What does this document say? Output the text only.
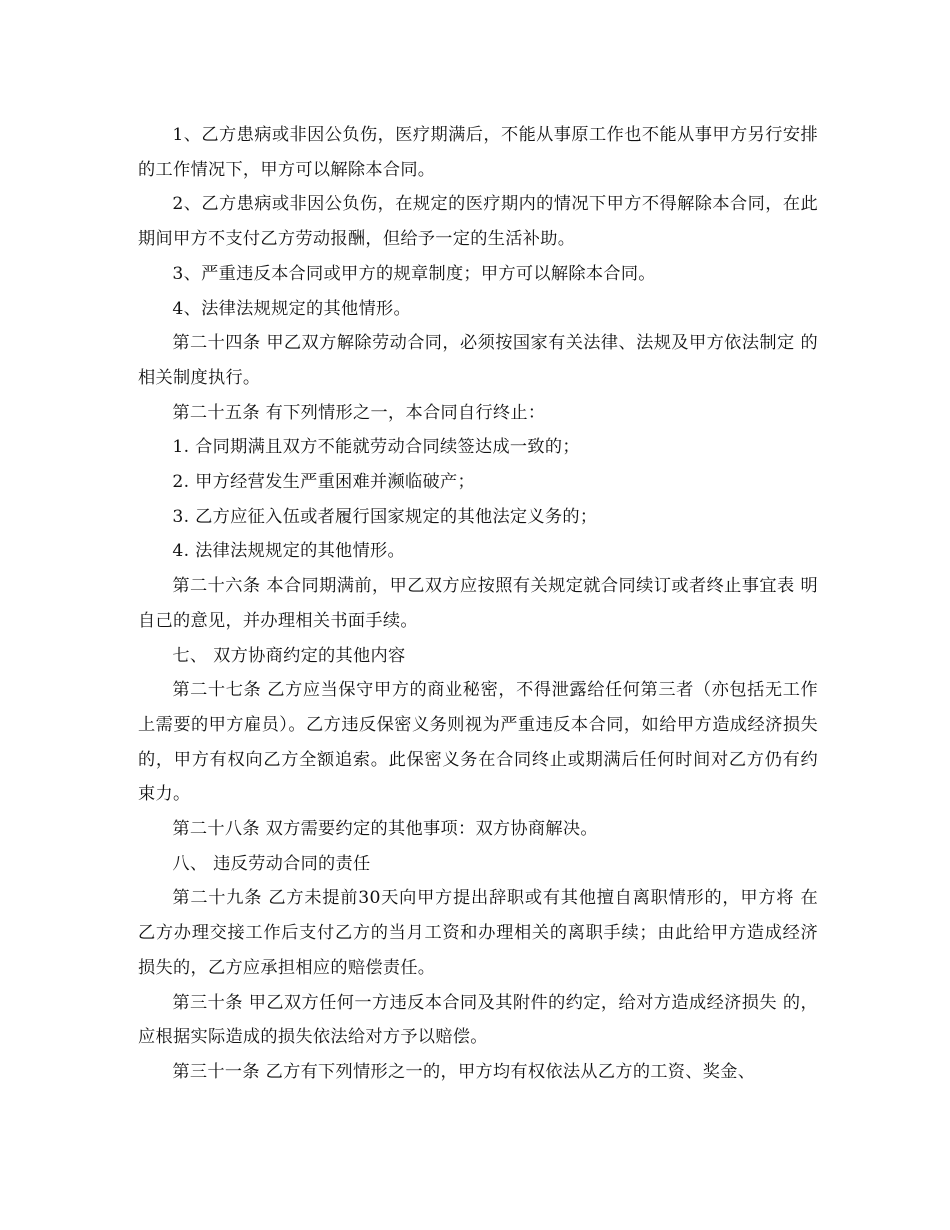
1、乙方患病或非因公负伤，医疗期满后，不能从事原工作也不能从事甲方另行安排的工作情况下，甲方可以解除本合同。

2、乙方患病或非因公负伤，在规定的医疗期内的情况下甲方不得解除本合同，在此期间甲方不支付乙方劳动报酬，但给予一定的生活补助。

3、严重违反本合同或甲方的规章制度；甲方可以解除本合同。

4、法律法规规定的其他情形。

第二十四条 甲乙双方解除劳动合同，必须按国家有关法律、法规及甲方依法制定 的相关制度执行。

第二十五条 有下列情形之一，本合同自行终止：

1. 合同期满且双方不能就劳动合同续签达成一致的；

2. 甲方经营发生严重困难并濒临破产；

3. 乙方应征入伍或者履行国家规定的其他法定义务的；

4. 法律法规规定的其他情形。

第二十六条 本合同期满前，甲乙双方应按照有关规定就合同续订或者终止事宜表 明自己的意见，并办理相关书面手续。

七、 双方协商约定的其他内容

第二十七条 乙方应当保守甲方的商业秘密，不得泄露给任何第三者（亦包括无工作上需要的甲方雇员）。乙方违反保密义务则视为严重违反本合同，如给甲方造成经济损失的，甲方有权向乙方全额追索。此保密义务在合同终止或期满后任何时间对乙方仍有约束力。

第二十八条 双方需要约定的其他事项：双方协商解决。

八、 违反劳动合同的责任

第二十九条 乙方未提前30天向甲方提出辞职或有其他擅自离职情形的，甲方将 在乙方办理交接工作后支付乙方的当月工资和办理相关的离职手续；由此给甲方造成经济损失的，乙方应承担相应的赔偿责任。

第三十条 甲乙双方任何一方违反本合同及其附件的约定，给对方造成经济损失 的，应根据实际造成的损失依法给对方予以赔偿。

第三十一条 乙方有下列情形之一的，甲方均有权依法从乙方的工资、奖金、
